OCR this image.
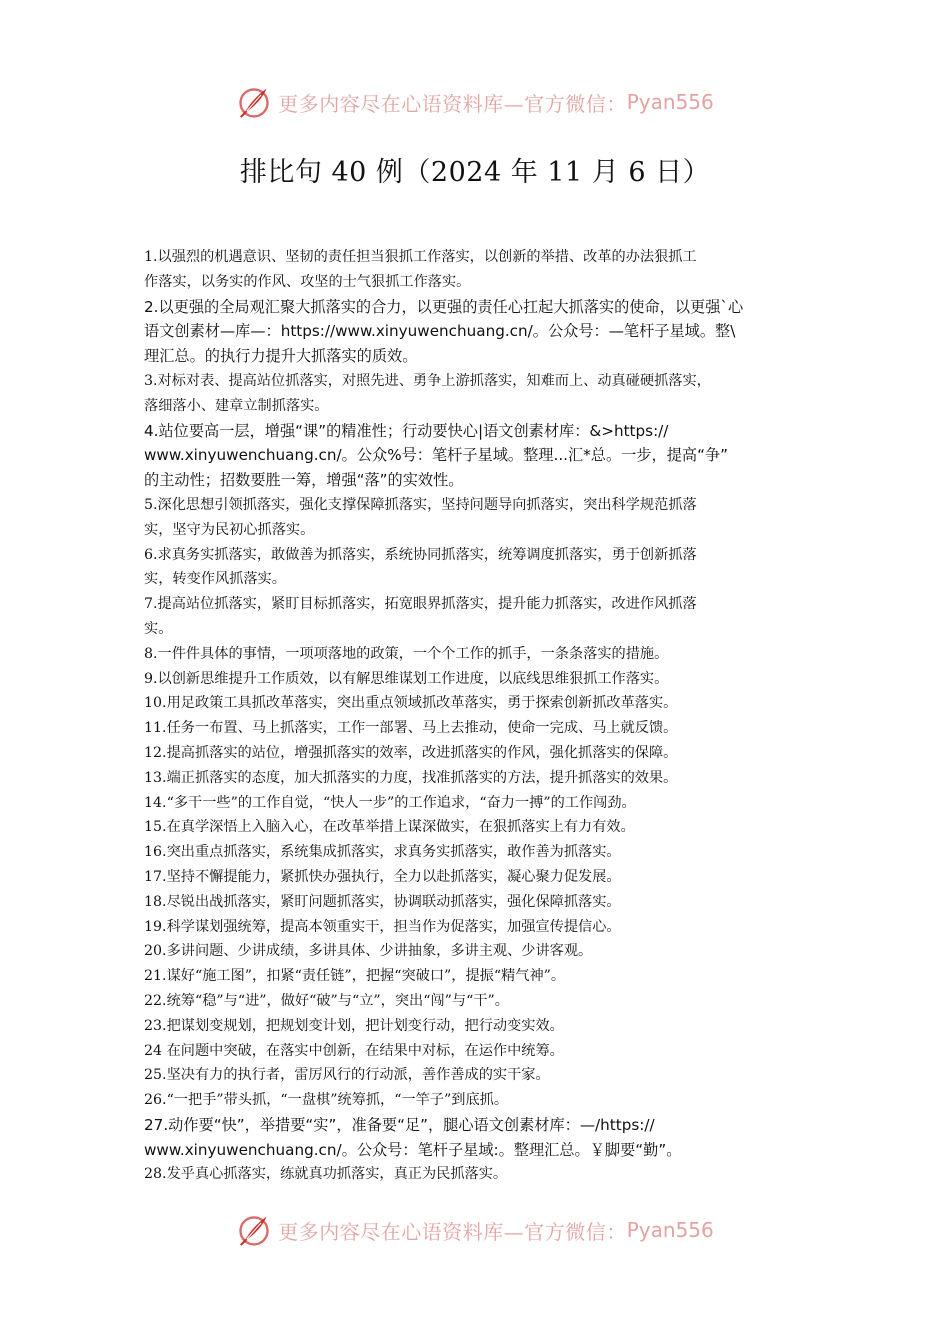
更多内容尽在心语资料库—官方微信： Pyan556
排比句 40 例（2024 年 11 月 6 日）

1.以强烈的机遇意识、坚韧的责任担当狠抓工作落实，以创新的举措、改革的办法狠抓工

作落实，以务实的作风、攻坚的士气狠抓工作落实。

2.以更强的全局观汇聚大抓落实的合力，以更强的责任心扛起大抓落实的使命，以更强`心

语文创素材—库—：https://www.xinyuwenchuang.cn/。公众号：—笔杆子星域。整\

理汇总。的执行力提升大抓落实的质效。

3.对标对表、提高站位抓落实，对照先进、勇争上游抓落实，知难而上、动真碰硬抓落实，

落细落小、建章立制抓落实。

4.站位要高一层，增强“课”的精准性；行动要快心|语文创素材库：&>https://

www.xinyuwenchuang.cn/。公众%号：笔杆子星域。整理...汇*总。一步，提高“争”

的主动性；招数要胜一筹，增强“落”的实效性。

5.深化思想引领抓落实，强化支撑保障抓落实，坚持问题导向抓落实，突出科学规范抓落

实，坚守为民初心抓落实。

6.求真务实抓落实，敢做善为抓落实，系统协同抓落实，统筹调度抓落实，勇于创新抓落

实，转变作风抓落实。

7.提高站位抓落实，紧盯目标抓落实，拓宽眼界抓落实，提升能力抓落实，改进作风抓落

实。

8.一件件具体的事情，一项项落地的政策，一个个工作的抓手，一条条落实的措施。

9.以创新思维提升工作质效，以有解思维谋划工作进度，以底线思维狠抓工作落实。

10.用足政策工具抓改革落实，突出重点领域抓改革落实，勇于探索创新抓改革落实。

11.任务一布置、马上抓落实，工作一部署、马上去推动，使命一完成、马上就反馈。

12.提高抓落实的站位，增强抓落实的效率，改进抓落实的作风，强化抓落实的保障。

13.端正抓落实的态度，加大抓落实的力度，找准抓落实的方法，提升抓落实的效果。

14.“多干一些”的工作自觉，“快人一步”的工作追求，“奋力一搏”的工作闯劲。

15.在真学深悟上入脑入心，在改革举措上谋深做实，在狠抓落实上有力有效。

16.突出重点抓落实，系统集成抓落实，求真务实抓落实，敢作善为抓落实。

17.坚持不懈提能力，紧抓快办强执行，全力以赴抓落实，凝心聚力促发展。

18.尽锐出战抓落实，紧盯问题抓落实，协调联动抓落实，强化保障抓落实。

19.科学谋划强统筹，提高本领重实干，担当作为促落实，加强宣传提信心。

20.多讲问题、少讲成绩，多讲具体、少讲抽象，多讲主观、少讲客观。

21.谋好“施工图”，扣紧“责任链”，把握“突破口”，提振“精气神”。

22.统筹“稳”与“进”，做好“破”与“立”，突出“闯”与“干”。

23.把谋划变规划，把规划变计划，把计划变行动，把行动变实效。

24 在问题中突破，在落实中创新，在结果中对标，在运作中统筹。

25.坚决有力的执行者，雷厉风行的行动派，善作善成的实干家。

26.“一把手”带头抓，“一盘棋”统筹抓，“一竿子”到底抓。

27.动作要“快”，举措要“实”，准备要“足”，腿心语文创素材库：—/https://

www.xinyuwenchuang.cn/。公众号：笔杆子星域:。整理汇总。￥脚要“勤”。

28.发乎真心抓落实，练就真功抓落实，真正为民抓落实。

更多内容尽在心语资料库—官方微信： Pyan556
